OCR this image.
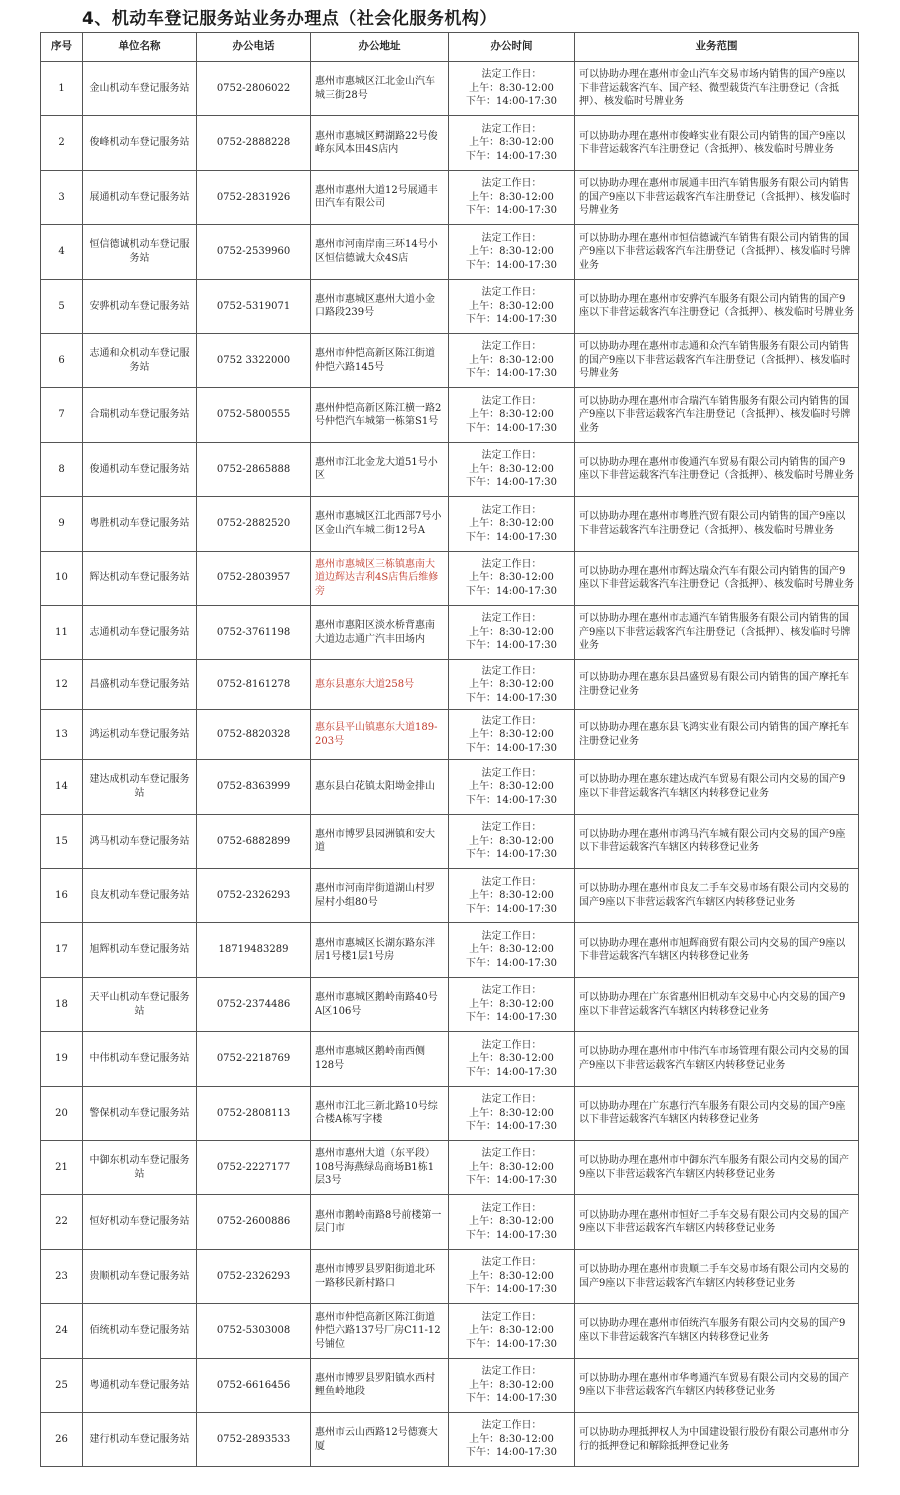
4、机动车登记服务站业务办理点（社会化服务机构）
序号	单位名称	办公电话	办公地址	办公时间	业务范围
1	金山机动车登记服务站	0752-2806022	惠州市惠城区江北金山汽车城三街28号	法定工作日：
上午：8:30-12:00
下午：14:00-17:30	可以协助办理在惠州市金山汽车交易市场内销售的国产9座以下非营运载客汽车、国产轻、微型载货汽车注册登记（含抵押）、核发临时号牌业务
2	俊峰机动车登记服务站	0752-2888228	惠州市惠城区鳄湖路22号俊峰东风本田4S店内	法定工作日：
上午：8:30-12:00
下午：14:00-17:30	可以协助办理在惠州市俊峰实业有限公司内销售的国产9座以下非营运载客汽车注册登记（含抵押）、核发临时号牌业务
3	展通机动车登记服务站	0752-2831926	惠州市惠州大道12号展通丰田汽车有限公司	法定工作日：
上午：8:30-12:00
下午：14:00-17:30	可以协助办理在惠州市展通丰田汽车销售服务有限公司内销售的国产9座以下非营运载客汽车注册登记（含抵押）、核发临时号牌业务
4	恒信德诚机动车登记服务站	0752-2539960	惠州市河南岸南三环14号小区恒信德诚大众4S店	法定工作日：
上午：8:30-12:00
下午：14:00-17:30	可以协助办理在惠州市恒信德诚汽车销售有限公司内销售的国产9座以下非营运载客汽车注册登记（含抵押）、核发临时号牌业务
5	安骅机动车登记服务站	0752-5319071	惠州市惠城区惠州大道小金口路段239号	法定工作日：
上午：8:30-12:00
下午：14:00-17:30	可以协助办理在惠州市安骅汽车服务有限公司内销售的国产9座以下非营运载客汽车注册登记（含抵押）、核发临时号牌业务
6	志通和众机动车登记服务站	0752 3322000	惠州市仲恺高新区陈江街道仲恺六路145号	法定工作日：
上午：8:30-12:00
下午：14:00-17:30	可以协助办理在惠州市志通和众汽车销售服务有限公司内销售的国产9座以下非营运载客汽车注册登记（含抵押）、核发临时号牌业务
7	合瑞机动车登记服务站	0752-5800555	惠州仲恺高新区陈江横一路2号仲恺汽车城第一栋第S1号	法定工作日：
上午：8:30-12:00
下午：14:00-17:30	可以协助办理在惠州市合瑞汽车销售服务有限公司内销售的国产9座以下非营运载客汽车注册登记（含抵押）、核发临时号牌业务
8	俊通机动车登记服务站	0752-2865888	惠州市江北金龙大道51号小区	法定工作日：
上午：8:30-12:00
下午：14:00-17:30	可以协助办理在惠州市俊通汽车贸易有限公司内销售的国产9座以下非营运载客汽车注册登记（含抵押）、核发临时号牌业务
9	粤胜机动车登记服务站	0752-2882520	惠州市惠城区江北西部7号小区金山汽车城二街12号A	法定工作日：
上午：8:30-12:00
下午：14:00-17:30	可以协助办理在惠州市粤胜汽贸有限公司内销售的国产9座以下非营运载客汽车注册登记（含抵押）、核发临时号牌业务
10	辉达机动车登记服务站	0752-2803957	惠州市惠城区三栋镇惠南大道边辉达吉利4S店售后维修旁	法定工作日：
上午：8:30-12:00
下午：14:00-17:30	可以协助办理在惠州市辉达瑞众汽车有限公司内销售的国产9座以下非营运载客汽车注册登记（含抵押）、核发临时号牌业务
11	志通机动车登记服务站	0752-3761198	惠州市惠阳区淡水桥背惠南大道边志通广汽丰田场内	法定工作日：
上午：8:30-12:00
下午：14:00-17:30	可以协助办理在惠州市志通汽车销售服务有限公司内销售的国产9座以下非营运载客汽车注册登记（含抵押）、核发临时号牌业务
12	昌盛机动车登记服务站	0752-8161278	惠东县惠东大道258号	法定工作日：
上午：8:30-12:00
下午：14:00-17:30	可以协助办理在惠东县昌盛贸易有限公司内销售的国产摩托车注册登记业务
13	鸿运机动车登记服务站	0752-8820328	惠东县平山镇惠东大道189-203号	法定工作日：
上午：8:30-12:00
下午：14:00-17:30	可以协助办理在惠东县飞鸿实业有限公司内销售的国产摩托车注册登记业务
14	建达成机动车登记服务站	0752-8363999	惠东县白花镇太阳坳金排山	法定工作日：
上午：8:30-12:00
下午：14:00-17:30	可以协助办理在惠东建达成汽车贸易有限公司内交易的国产9座以下非营运载客汽车辖区内转移登记业务
15	鸿马机动车登记服务站	0752-6882899	惠州市博罗县园洲镇和安大道	法定工作日：
上午：8:30-12:00
下午：14:00-17:30	可以协助办理在惠州市鸿马汽车城有限公司内交易的国产9座以下非营运载客汽车辖区内转移登记业务
16	良友机动车登记服务站	0752-2326293	惠州市河南岸街道湖山村罗屋村小组80号	法定工作日：
上午：8:30-12:00
下午：14:00-17:30	可以协助办理在惠州市良友二手车交易市场有限公司内交易的国产9座以下非营运载客汽车辖区内转移登记业务
17	旭辉机动车登记服务站	18719483289	惠州市惠城区长湖东路东泮居1号楼1层1号房	法定工作日：
上午：8:30-12:00
下午：14:00-17:30	可以协助办理在惠州市旭辉商贸有限公司内交易的国产9座以下非营运载客汽车辖区内转移登记业务
18	天平山机动车登记服务站	0752-2374486	惠州市惠城区鹅岭南路40号A区106号	法定工作日：
上午：8:30-12:00
下午：14:00-17:30	可以协助办理在广东省惠州旧机动车交易中心内交易的国产9座以下非营运载客汽车辖区内转移登记业务
19	中伟机动车登记服务站	0752-2218769	惠州市惠城区鹅岭南西侧128号	法定工作日：
上午：8:30-12:00
下午：14:00-17:30	可以协助办理在惠州市中伟汽车市场管理有限公司内交易的国产9座以下非营运载客汽车辖区内转移登记业务
20	警保机动车登记服务站	0752-2808113	惠州市江北三新北路10号综合楼A栋写字楼	法定工作日：
上午：8:30-12:00
下午：14:00-17:30	可以协助办理在广东惠行汽车服务有限公司内交易的国产9座以下非营运载客汽车辖区内转移登记业务
21	中御东机动车登记服务站	0752-2227177	惠州市惠州大道（东平段）108号海燕绿岛商场B1栋1层3号	法定工作日：
上午：8:30-12:00
下午：14:00-17:30	可以协助办理在惠州市中御东汽车服务有限公司内交易的国产9座以下非营运载客汽车辖区内转移登记业务
22	恒好机动车登记服务站	0752-2600886	惠州市鹅岭南路8号前楼第一层门市	法定工作日：
上午：8:30-12:00
下午：14:00-17:30	可以协助办理在惠州市恒好二手车交易有限公司内交易的国产9座以下非营运载客汽车辖区内转移登记业务
23	贵顺机动车登记服务站	0752-2326293	惠州市博罗县罗阳街道北环一路移民新村路口	法定工作日：
上午：8:30-12:00
下午：14:00-17:30	可以协助办理在惠州市贵顺二手车交易市场有限公司内交易的国产9座以下非营运载客汽车辖区内转移登记业务
24	佰统机动车登记服务站	0752-5303008	惠州市仲恺高新区陈江街道仲恺六路137号厂房C11-12号铺位	法定工作日：
上午：8:30-12:00
下午：14:00-17:30	可以协助办理在惠州市佰统汽车服务有限公司内交易的国产9座以下非营运载客汽车辖区内转移登记业务
25	粤通机动车登记服务站	0752-6616456	惠州市博罗县罗阳镇水西村鲤鱼岭地段	法定工作日：
上午：8:30-12:00
下午：14:00-17:30	可以协助办理在惠州市华粤通汽车贸易有限公司内交易的国产9座以下非营运载客汽车辖区内转移登记业务
26	建行机动车登记服务站	0752-2893533	惠州市云山西路12号德赛大厦	法定工作日：
上午：8:30-12:00
下午：14:00-17:30	可以协助办理抵押权人为中国建设银行股份有限公司惠州市分行的抵押登记和解除抵押登记业务
